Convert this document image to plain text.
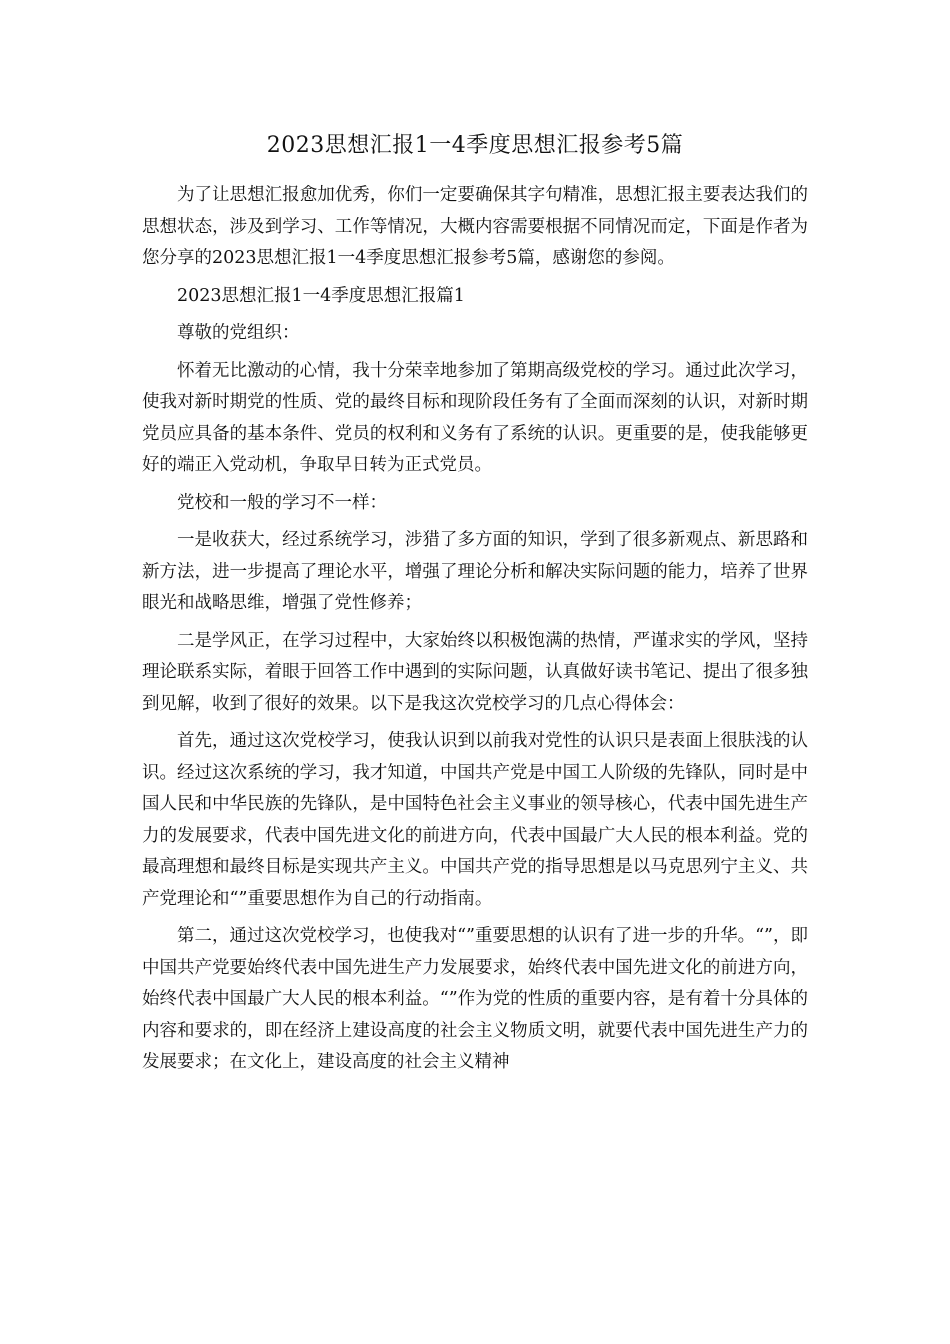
2023思想汇报1一4季度思想汇报参考5篇

为了让思想汇报愈加优秀，你们一定要确保其字句精准，思想汇报主要表达我们的思想状态，涉及到学习、工作等情况，大概内容需要根据不同情况而定，下面是作者为您分享的2023思想汇报1一4季度思想汇报参考5篇，感谢您的参阅。

2023思想汇报1一4季度思想汇报篇1

尊敬的党组织：

怀着无比激动的心情，我十分荣幸地参加了第期高级党校的学习。通过此次学习，使我对新时期党的性质、党的最终目标和现阶段任务有了全面而深刻的认识，对新时期党员应具备的基本条件、党员的权利和义务有了系统的认识。更重要的是，使我能够更好的端正入党动机，争取早日转为正式党员。

党校和一般的学习不一样：

一是收获大，经过系统学习，涉猎了多方面的知识，学到了很多新观点、新思路和新方法，进一步提高了理论水平，增强了理论分析和解决实际问题的能力，培养了世界眼光和战略思维，增强了党性修养；

二是学风正，在学习过程中，大家始终以积极饱满的热情，严谨求实的学风，坚持理论联系实际，着眼于回答工作中遇到的实际问题，认真做好读书笔记、提出了很多独到见解，收到了很好的效果。以下是我这次党校学习的几点心得体会：

首先，通过这次党校学习，使我认识到以前我对党性的认识只是表面上很肤浅的认识。经过这次系统的学习，我才知道，中国共产党是中国工人阶级的先锋队，同时是中国人民和中华民族的先锋队，是中国特色社会主义事业的领导核心，代表中国先进生产力的发展要求，代表中国先进文化的前进方向，代表中国最广大人民的根本利益。党的最高理想和最终目标是实现共产主义。中国共产党的指导思想是以马克思列宁主义、共产党理论和“”重要思想作为自己的行动指南。

第二，通过这次党校学习，也使我对“”重要思想的认识有了进一步的升华。“”，即中国共产党要始终代表中国先进生产力发展要求，始终代表中国先进文化的前进方向，始终代表中国最广大人民的根本利益。“”作为党的性质的重要内容，是有着十分具体的内容和要求的，即在经济上建设高度的社会主义物质文明，就要代表中国先进生产力的发展要求；在文化上，建设高度的社会主义精神
